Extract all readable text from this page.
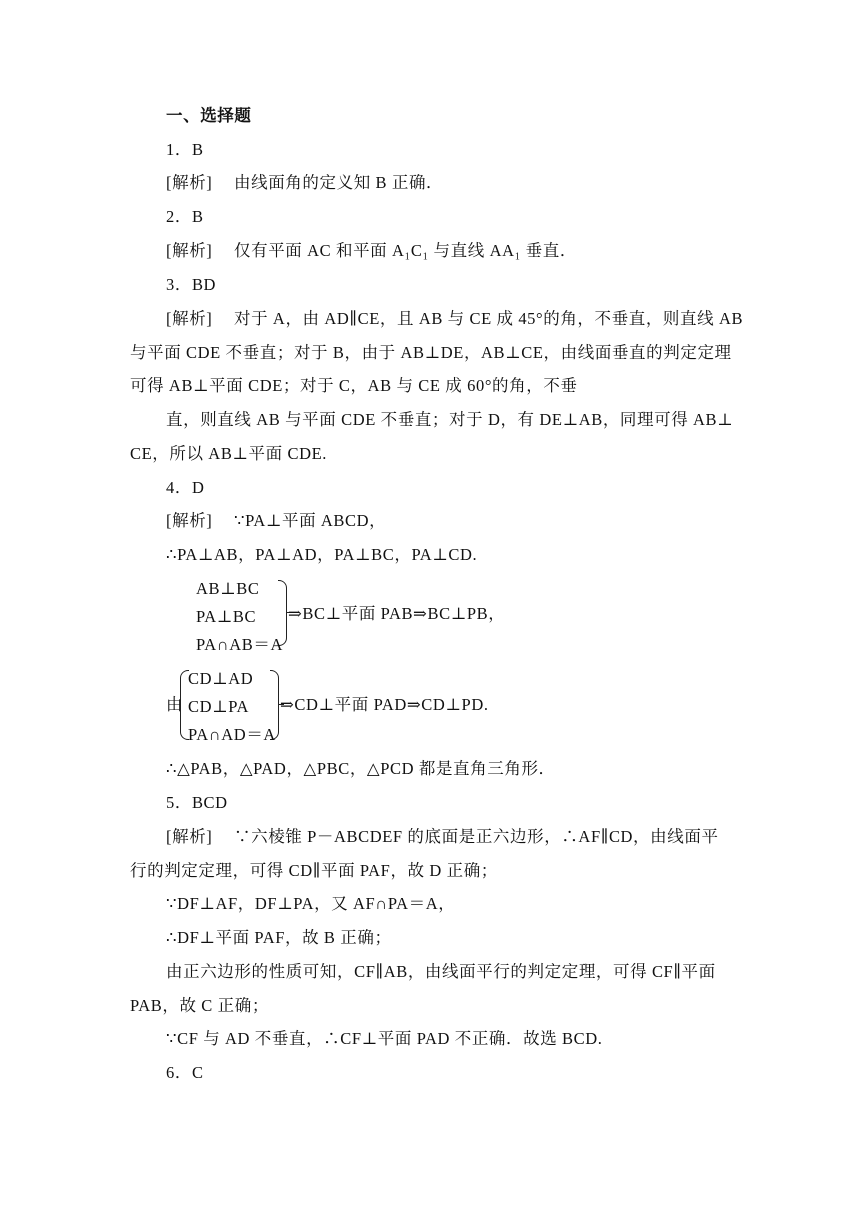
一、选择题
1．B
[解析] 由线面角的定义知 B 正确．
2．B
[解析] 仅有平面 AC 和平面 A₁C₁ 与直线 AA₁ 垂直．
3．BD
[解析] 对于 A，由 AD∥CE，且 AB 与 CE 成 45°的角，不垂直，则直线 AB
与平面 CDE 不垂直；对于 B，由于 AB⊥DE，AB⊥CE，由线面垂直的判定定理
可得 AB⊥平面 CDE；对于 C，AB 与 CE 成 60°的角，不垂
直，则直线 AB 与平面 CDE 不垂直；对于 D，有 DE⊥AB，同理可得 AB⊥
CE，所以 AB⊥平面 CDE.
4．D
[解析] ∵PA⊥平面 ABCD，
∴PA⊥AB，PA⊥AD，PA⊥BC，PA⊥CD.
AB⊥BC
PA⊥BC ⇒BC⊥平面 PAB⇒BC⊥PB，
PA∩AB＝A
CD⊥AD
由 CD⊥PA ⇒CD⊥平面 PAD⇒CD⊥PD.
PA∩AD＝A
∴△PAB，△PAD，△PBC，△PCD 都是直角三角形．
5．BCD
[解析] ∵六棱锥 P－ABCDEF 的底面是正六边形，∴AF∥CD，由线面平
行的判定定理，可得 CD∥平面 PAF，故 D 正确；
∵DF⊥AF，DF⊥PA，又 AF∩PA＝A，
∴DF⊥平面 PAF，故 B 正确；
由正六边形的性质可知，CF∥AB，由线面平行的判定定理，可得 CF∥平面
PAB，故 C 正确；
∵CF 与 AD 不垂直，∴CF⊥平面 PAD 不正确．故选 BCD.
6．C
